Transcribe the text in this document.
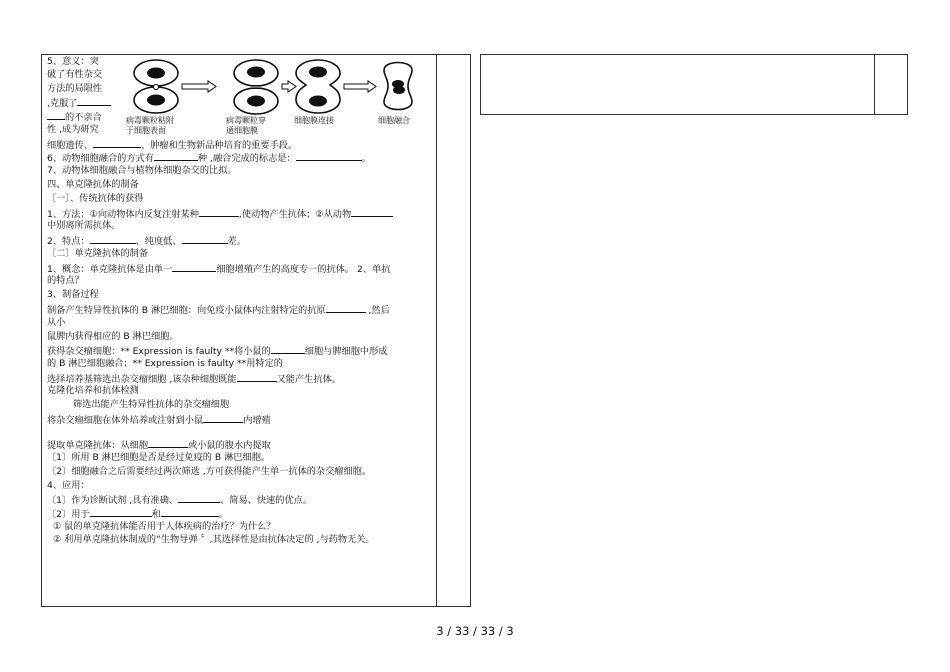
病毒颗粒粘附
于细胞表面
病毒颗粒穿
通细胞膜
细胞膜连接	细胞融合
5、意义：突
破了有性杂交
方法的局限性
,克服了
的不亲合
性 ,成为研究
细胞遗传、	、肿瘤和生物新品种培育的重要手段。
6、动物细胞融合的方式有	种 ,融合完成的标志是：	。
7、动物体细胞融合与植物体细胞杂交的比拟。
四、单克隆抗体的制备
〔一〕、传统抗体的获得
1、方法：①向动物体内反复注射某种	,使动物产生抗体；②从动物
中别离所需抗体。
2、特点：	、纯度低、	差。
〔二〕单克隆抗体的制备
1、概念：单克隆抗体是由单一	细胞增殖产生的高度专一的抗体。 2、单抗
的特点？
3、制备过程
制备产生特异性抗体的 B 淋巴细胞：向免疫小鼠体内注射特定的抗原	,然后
从小
鼠脾内获得相应的 B 淋巴细胞。
获得杂交瘤细胞：** Expression is faulty **将小鼠的	细胞与脾细胞中形成
的 B 淋巴细胞融合；** Expression is faulty **用特定的
选择培养基筛选出杂交瘤细胞 ,该杂种细胞既能	又能产生抗体。
克隆化培养和抗体检测
筛选出能产生特异性抗体的杂交瘤细胞
将杂交瘤细胞在体外培养或注射到小鼠	内增殖
提取单克隆抗体：从细胞	或小鼠的腹水内提取
〔1〕所用 B 淋巴细胞是否是经过免疫的 B 淋巴细胞。
〔2〕细胞融合之后需要经过两次筛选 ,方可获得能产生单一抗体的杂交瘤细胞。
4、应用：
〔1〕作为诊断试剂 ,具有准确、	、简易、快速的优点。
〔2〕用于	和	。
① 鼠的单克隆抗体能否用于人体疾病的治疗？为什么？
② 利用单克隆抗体制成的“生物导弹 〞,其选择性是由抗体决定的 ,与药物无关。
3 / 33 / 33 / 3
